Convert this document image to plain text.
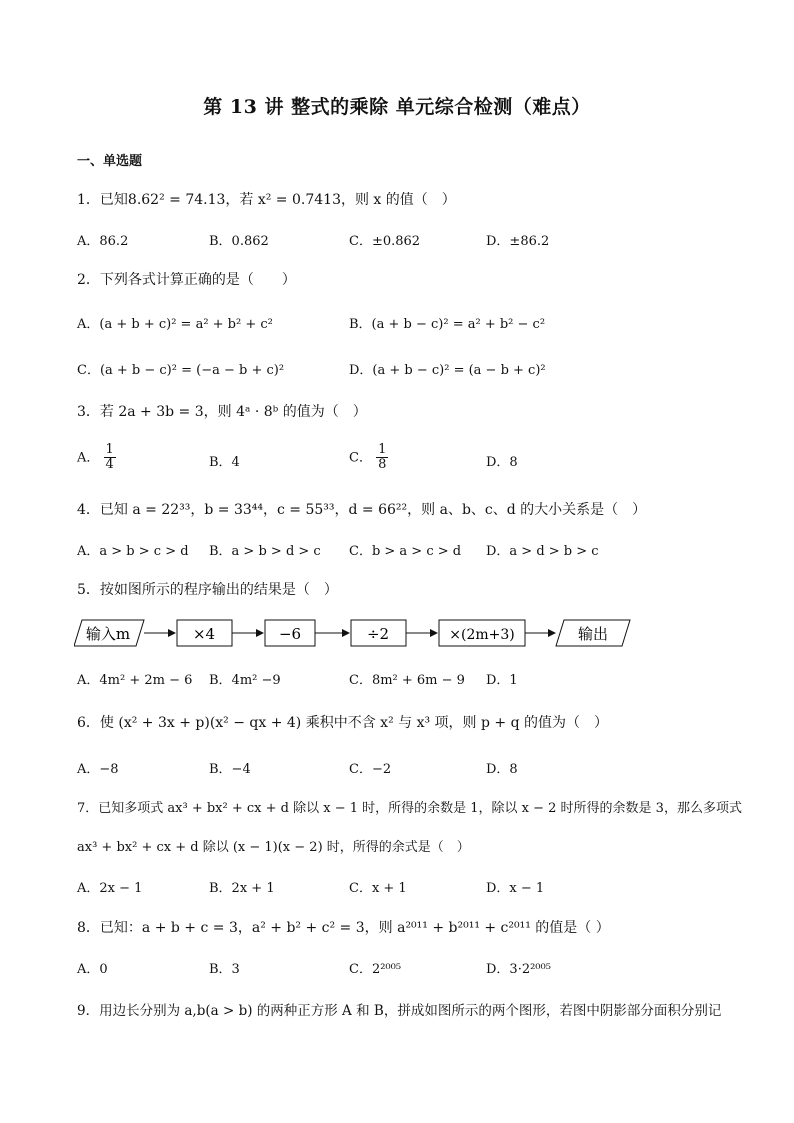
第 13 讲 整式的乘除 单元综合检测（难点）
一、单选题
1．已知8.62² = 74.13，若 x² = 0.7413，则 x 的值（　）
A．86.2	B．0.862	C．±0.862	D．±86.2
2．下列各式计算正确的是（　　）
A．(a + b + c)² = a² + b² + c²	B．(a + b − c)² = a² + b² − c²
C．(a + b − c)² = (−a − b + c)²	D．(a + b − c)² = (a − b + c)²
3．若 2a + 3b = 3，则 4ᵃ · 8ᵇ 的值为（　）
A． $\frac{1}{4}$	B．4	C． $\frac{1}{8}$	D．8
4．已知 a = 22³³，b = 33⁴⁴，c = 55³³，d = 66²²，则 a、b、c、d 的大小关系是（　）
A．a > b > c > d B．a > b > d > c C．b > a > c > d D．a > d > b > c
5．按如图所示的程序输出的结果是（　）
输入m	×4	−6	÷2	×(2m+3)	输出
A．4m² + 2m − 6 B．4m² −9	C．8m² + 6m − 9 D．1
6．使 (x² + 3x + p)(x² − qx + 4) 乘积中不含 x² 与 x³ 项，则 p + q 的值为（　）
A．−8	B．−4	C．−2	D．8
7．已知多项式 ax³ + bx² + cx + d 除以 x − 1 时，所得的余数是 1，除以 x − 2 时所得的余数是 3，那么多项式
ax³ + bx² + cx + d 除以 (x − 1)(x − 2) 时，所得的余式是（　）
A．2x − 1	B．2x + 1	C．x + 1	D．x − 1
8．已知：a + b + c = 3，a² + b² + c² = 3，则 a²⁰¹¹ + b²⁰¹¹ + c²⁰¹¹ 的值是（ ）
A．0	B．3	C．2²⁰⁰⁵	D．3·2²⁰⁰⁵
9．用边长分别为 a,b(a > b) 的两种正方形 A 和 B，拼成如图所示的两个图形，若图中阴影部分面积分别记
